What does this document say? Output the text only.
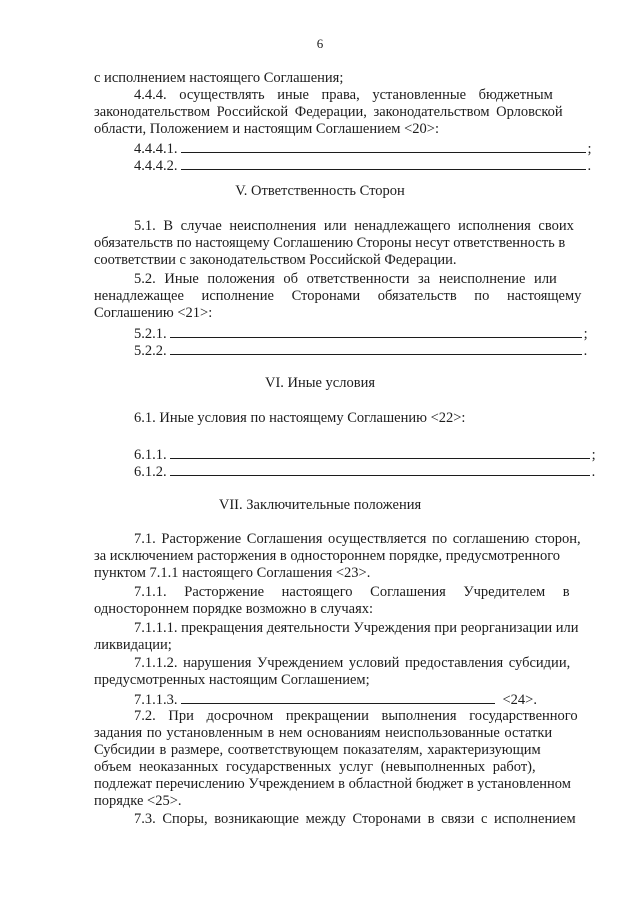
6
с исполнением настоящего Соглашения;
4.4.4. осуществлять иные права, установленные бюджетным
законодательством Российской Федерации, законодательством Орловской
области, Положением и настоящим Соглашением <20>:
4.4.4.1.	;
4.4.4.2.	.
V. Ответственность Сторон
5.1. В случае неисполнения или ненадлежащего исполнения своих
обязательств по настоящему Соглашению Стороны несут ответственность в
соответствии с законодательством Российской Федерации.
5.2. Иные положения об ответственности за неисполнение или
ненадлежащее исполнение Сторонами обязательств по настоящему
Соглашению <21>:
5.2.1.	;
5.2.2.	.
VI. Иные условия
6.1. Иные условия по настоящему Соглашению <22>:
6.1.1.	;
6.1.2.	.
VII. Заключительные положения
7.1. Расторжение Соглашения осуществляется по соглашению сторон,
за исключением расторжения в одностороннем порядке, предусмотренного
пунктом 7.1.1 настоящего Соглашения <23>.
7.1.1. Расторжение настоящего Соглашения Учредителем в
одностороннем порядке возможно в случаях:
7.1.1.1. прекращения деятельности Учреждения при реорганизации или
ликвидации;
7.1.1.2. нарушения Учреждением условий предоставления субсидии,
предусмотренных настоящим Соглашением;
7.1.1.3.	<24>.
7.2. При досрочном прекращении выполнения государственного
задания по установленным в нем основаниям неиспользованные остатки
Субсидии в размере, соответствующем показателям, характеризующим
объем неоказанных государственных услуг (невыполненных работ),
подлежат перечислению Учреждением в областной бюджет в установленном
порядке <25>.
7.3. Споры, возникающие между Сторонами в связи с исполнением
